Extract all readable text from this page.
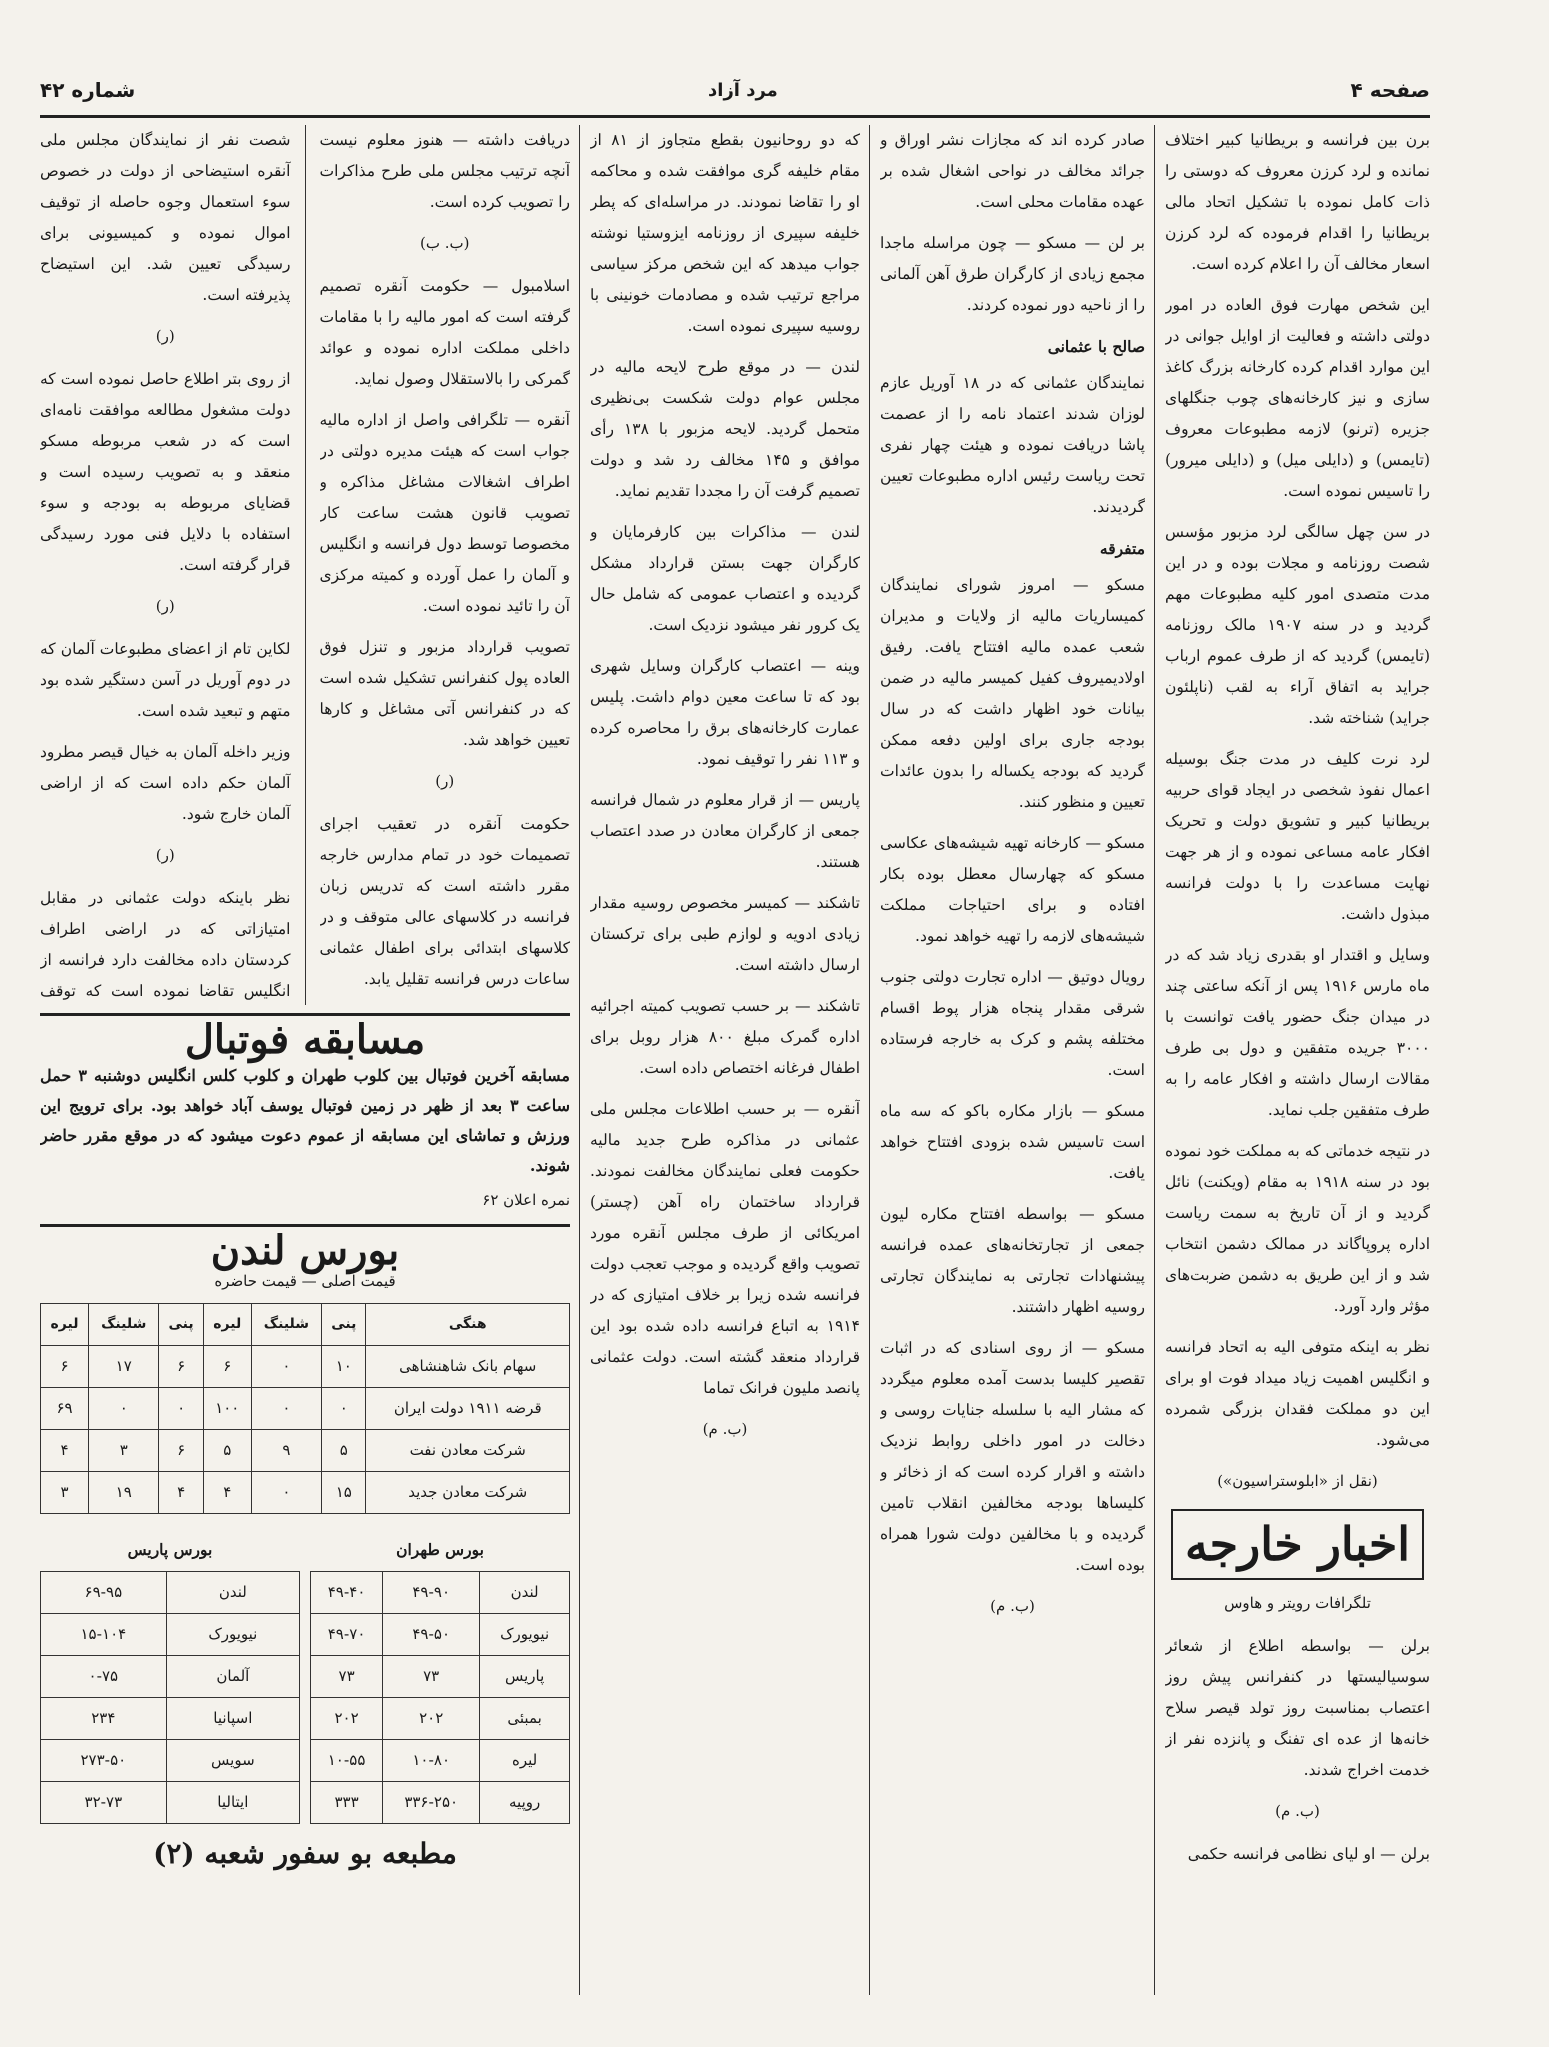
صفحه ۴
مرد آزاد
شماره ۴۲

برن بین فرانسه و بریطانیا کبیر اختلاف نمانده و لرد کرزن معروف که دوستی را ذات کامل نموده با تشکیل اتحاد مالی بریطانیا را اقدام فرموده که لرد کرزن اسعار مخالف آن را اعلام کرده است.

این شخص مهارت فوق العاده در امور دولتی داشته و فعالیت از اوایل جوانی در این موارد اقدام کرده کارخانه بزرگ کاغذ سازی و نیز کارخانه‌های چوب جنگلهای جزیره (ترنو) لازمه مطبوعات معروف (تایمس) و (دایلی میل) و (دایلی میرور) را تاسیس نموده است.

در سن چهل سالگی لرد مزبور مؤسس شصت روزنامه و مجلات بوده و در این مدت متصدی امور کلیه مطبوعات مهم گردید و در سنه ۱۹۰۷ مالک روزنامه (تایمس) گردید که از طرف عموم ارباب جراید به اتفاق آراء به لقب (ناپلئون جراید) شناخته شد.

لرد نرت کلیف در مدت جنگ بوسیله اعمال نفوذ شخصی در ایجاد قوای حربیه بریطانیا کبیر و تشویق دولت و تحریک افکار عامه مساعی نموده و از هر جهت نهایت مساعدت را با دولت فرانسه مبذول داشت.

وسایل و اقتدار او بقدری زیاد شد که در ماه مارس ۱۹۱۶ پس از آنکه ساعتی چند در میدان جنگ حضور یافت توانست با ۳۰۰۰ جریده متفقین و دول بی طرف مقالات ارسال داشته و افکار عامه را به طرف متفقین جلب نماید.

در نتیجه خدماتی که به مملکت خود نموده بود در سنه ۱۹۱۸ به مقام (ویکنت) نائل گردید و از آن تاریخ به سمت ریاست اداره پروپاگاند در ممالک دشمن انتخاب شد و از این طریق به دشمن ضربت‌های مؤثر وارد آورد.

نظر به اینکه متوفی الیه به اتحاد فرانسه و انگلیس اهمیت زیاد میداد فوت او برای این دو مملکت فقدان بزرگی شمرده می‌شود.

(نقل از «ابلوستراسیون»)
اخبار خارجه
تلگرافات رویتر و هاوس

برلن — بواسطه اطلاع از شعائر سوسیالیستها در کنفرانس پیش روز اعتصاب بمناسبت روز تولد قیصر سلاح خانه‌ها از عده ای تفنگ و پانزده نفر از خدمت اخراج شدند.

(ب. م)

برلن — او لیای نظامی فرانسه حکمی

صادر کرده اند که مجازات نشر اوراق و جرائد مخالف در نواحی اشغال شده بر عهده مقامات محلی است.

بر لن — مسکو — چون مراسله ماجدا مجمع زیادی از کارگران طرق آهن آلمانی را از ناحیه دور نموده کردند.

صالح با عثمانی

نمایندگان عثمانی که در ۱۸ آوریل عازم لوزان شدند اعتماد نامه را از عصمت پاشا دریافت نموده و هیئت چهار نفری تحت ریاست رئیس اداره مطبوعات تعیین گردیدند.

متفرقه

مسکو — امروز شورای نمایندگان کمیساریات مالیه از ولایات و مدیران شعب عمده مالیه افتتاح یافت. رفیق اولادیمیروف کفیل کمیسر مالیه در ضمن بیانات خود اظهار داشت که در سال بودجه جاری برای اولین دفعه ممکن گردید که بودجه یکساله را بدون عائدات تعیین و منظور کنند.

مسکو — کارخانه تهیه شیشه‌های عکاسی مسکو که چهارسال معطل بوده بکار افتاده و برای احتیاجات مملکت شیشه‌های لازمه را تهیه خواهد نمود.

رویال دوتیق — اداره تجارت دولتی جنوب شرقی مقدار پنجاه هزار پوط اقسام مختلفه پشم و کرک به خارجه فرستاده است.

مسکو — بازار مکاره باکو که سه ماه است تاسیس شده بزودی افتتاح خواهد یافت.

مسکو — بواسطه افتتاح مکاره لیون جمعی از تجارتخانه‌های عمده فرانسه پیشنهادات تجارتی به نمایندگان تجارتی روسیه اظهار داشتند.

مسکو — از روی اسنادی که در اثبات تقصیر کلیسا بدست آمده معلوم میگردد که مشار الیه با سلسله جنایات روسی و دخالت در امور داخلی روابط نزدیک داشته و اقرار کرده است که از ذخائر و کلیساها بودجه مخالفین انقلاب تامین گردیده و با مخالفین دولت شورا همراه بوده است.

(ب. م)

که دو روحانیون بقطع متجاوز از ۸۱ از مقام خلیفه گری موافقت شده و محاکمه او را تقاضا نمودند. در مراسله‌ای که پطر خلیفه سپیری از روزنامه ایزوستیا نوشته جواب میدهد که این شخص مرکز سیاسی مراجع ترتیب شده و مصادمات خونینی با روسیه سپیری نموده است.

لندن — در موقع طرح لایحه مالیه در مجلس عوام دولت شکست بی‌نظیری متحمل گردید. لایحه مزبور با ۱۳۸ رأی موافق و ۱۴۵ مخالف رد شد و دولت تصمیم گرفت آن را مجددا تقدیم نماید.

لندن — مذاکرات بین کارفرمایان و کارگران جهت بستن قرارداد مشکل گردیده و اعتصاب عمومی که شامل حال یک کرور نفر میشود نزدیک است.

وینه — اعتصاب کارگران وسایل شهری بود که تا ساعت معین دوام داشت. پلیس عمارت کارخانه‌های برق را محاصره کرده و ۱۱۳ نفر را توقیف نمود.

پاریس — از قرار معلوم در شمال فرانسه جمعی از کارگران معادن در صدد اعتصاب هستند.

تاشکند — کمیسر مخصوص روسیه مقدار زیادی ادویه و لوازم طبی برای ترکستان ارسال داشته است.

تاشکند — بر حسب تصویب کمیته اجرائیه اداره گمرک مبلغ ۸۰۰ هزار روبل برای اطفال فرغانه اختصاص داده است.

آنقره — بر حسب اطلاعات مجلس ملی عثمانی در مذاکره طرح جدید مالیه حکومت فعلی نمایندگان مخالفت نمودند. قرارداد ساختمان راه آهن (چستر) امریکائی از طرف مجلس آنقره مورد تصویب واقع گردیده و موجب تعجب دولت فرانسه شده زیرا بر خلاف امتیازی که در ۱۹۱۴ به اتباع فرانسه داده شده بود این قرارداد منعقد گشته است. دولت عثمانی پانصد ملیون فرانک تماما

(ب. م)

دریافت داشته — هنوز معلوم نیست آنچه ترتیب مجلس ملی طرح مذاکرات را تصویب کرده است.

(ب. ب)

اسلامبول — حکومت آنقره تصمیم گرفته است که امور مالیه را با مقامات داخلی مملکت اداره نموده و عوائد گمرکی را بالاستقلال وصول نماید.

آنقره — تلگرافی واصل از اداره مالیه جواب است که هیئت مدیره دولتی در اطراف اشغالات مشاغل مذاکره و تصویب قانون هشت ساعت کار مخصوصا توسط دول فرانسه و انگلیس و آلمان را عمل آورده و کمیته مرکزی آن را تائید نموده است.

تصویب قرارداد مزبور و تنزل فوق العاده پول کنفرانس تشکیل شده است که در کنفرانس آتی مشاغل و کارها تعیین خواهد شد.

(ر)

حکومت آنقره در تعقیب اجرای تصمیمات خود در تمام مدارس خارجه مقرر داشته است که تدریس زبان فرانسه در کلاسهای عالی متوقف و در کلاسهای ابتدائی برای اطفال عثمانی ساعات درس فرانسه تقلیل یابد.

شصت نفر از نمایندگان مجلس ملی آنقره استیضاحی از دولت در خصوص سوء استعمال وجوه حاصله از توقیف اموال نموده و کمیسیونی برای رسیدگی تعیین شد. این استیضاح پذیرفته است.

(ر)

از روی بتر اطلاع حاصل نموده است که دولت مشغول مطالعه موافقت نامه‌ای است که در شعب مربوطه مسکو منعقد و به تصویب رسیده است و قضایای مربوطه به بودجه و سوء استفاده با دلایل فنی مورد رسیدگی قرار گرفته است.

(ر)

لکاین تام از اعضای مطبوعات آلمان که در دوم آوریل در آسن دستگیر شده بود متهم و تبعید شده است.

وزیر داخله آلمان به خیال قیصر مطرود آلمان حکم داده است که از اراضی آلمان خارج شود.

(ر)

نظر باینکه دولت عثمانی در مقابل امتیازاتی که در اراضی اطراف کردستان داده مخالفت دارد فرانسه از انگلیس تقاضا نموده است که توقف

مسابقه فوتبال
مسابقه آخرین فوتبال بین کلوب طهران و کلوب کلس انگلیس دوشنبه ۳ حمل ساعت ۳ بعد از ظهر در زمین فوتبال یوسف آباد خواهد بود. برای ترویج این ورزش و تماشای این مسابقه از عموم دعوت میشود که در موقع مقرر حاضر شوند.
نمره اعلان ۶۲
بورس لندن
قیمت اصلی — قیمت حاضره
هنگی	پنی	شلینگ	لیره	پنی	شلینگ	لیره
سهام بانک شاهنشاهی	۱۰	۰	۶	۶	۱۷	۶
قرضه ۱۹۱۱ دولت ایران	۰	۰	۱۰۰	۰	۰	۶۹
شرکت معادن نفت	۵	۹	۵	۶	۳	۴
شرکت معادن جدید	۱۵	۰	۴	۴	۱۹	۳
بورس طهران
لندن	۴۹-۹۰	۴۹-۴۰
نیویورک	۴۹-۵۰	۴۹-۷۰
پاریس	۷۳	۷۳
بمبئی	۲۰۲	۲۰۲
لیره	۱۰-۸۰	۱۰-۵۵
روپیه	۳۳۶-۲۵۰	۳۳۳
بورس پاریس
لندن	۶۹-۹۵
نیویورک	۱۵-۱۰۴
آلمان	۰-۷۵
اسپانیا	۲۳۴
سویس	۲۷۳-۵۰
ایتالیا	۳۲-۷۳
مطبعه بو سفور شعبه (۲)
